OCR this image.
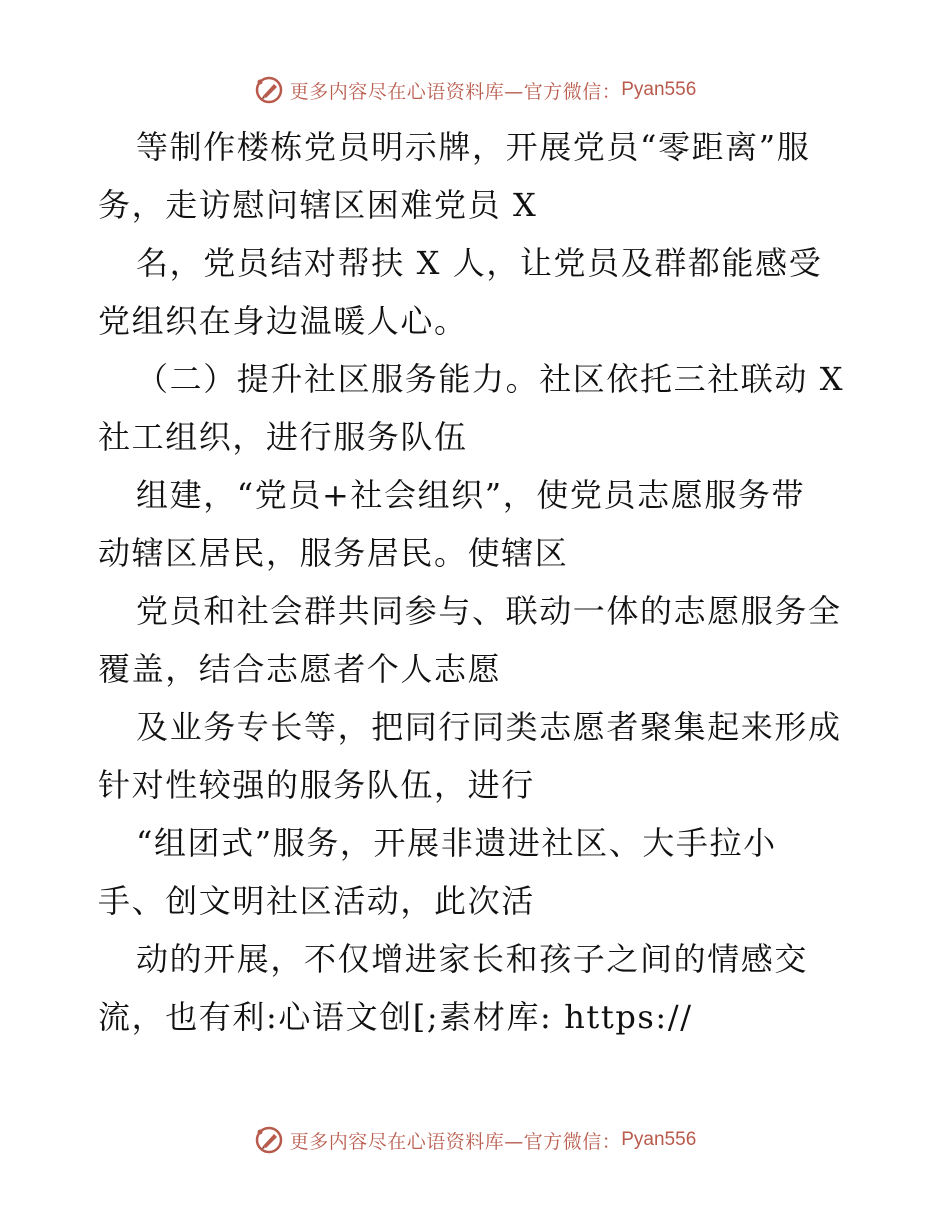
更多内容尽在心语资料库—官方微信： Pyan556
等制作楼栋党员明示牌，开展党员“零距离”服
务，走访慰问辖区困难党员 X
名，党员结对帮扶 X 人，让党员及群都能感受
党组织在身边温暖人心。
（二）提升社区服务能力。社区依托三社联动 X
社工组织，进行服务队伍
组建，“党员+社会组织”，使党员志愿服务带
动辖区居民，服务居民。使辖区
党员和社会群共同参与、联动一体的志愿服务全
覆盖，结合志愿者个人志愿
及业务专长等，把同行同类志愿者聚集起来形成
针对性较强的服务队伍，进行
“组团式”服务，开展非遗进社区、大手拉小
手、创文明社区活动，此次活
动的开展，不仅增进家长和孩子之间的情感交
流，也有利:心语文创[;素材库: https://
更多内容尽在心语资料库—官方微信： Pyan556
